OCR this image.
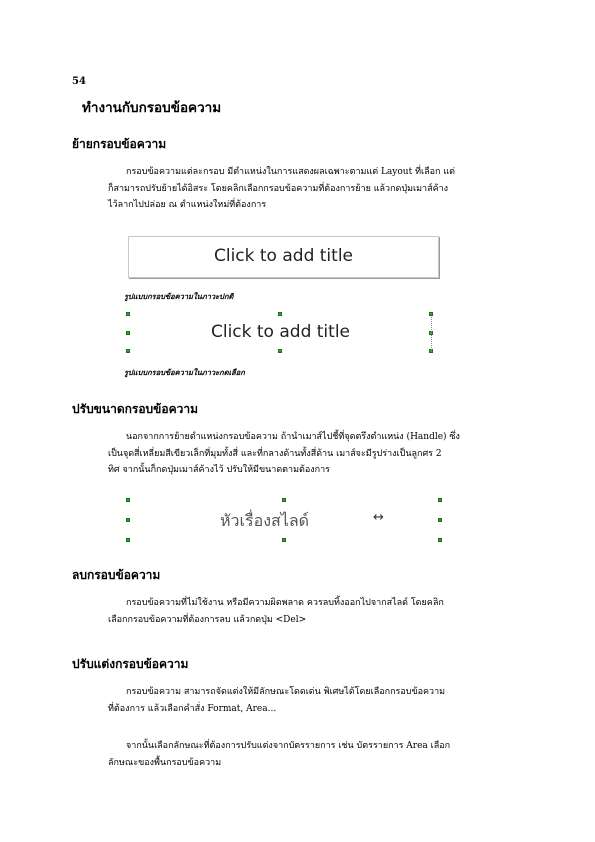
54
ทำงานกับกรอบข้อความ
ย้ายกรอบข้อความ

กรอบข้อความแต่ละกรอบ มีตำแหน่งในการแสดงผลเฉพาะตามแต่ Layout ที่เลือก แต่

ก็สามารถปรับย้ายได้อิสระ โดยคลิกเลือกกรอบข้อความที่ต้องการย้าย แล้วกดปุ่มเมาส์ค้าง
ไว้ลากไปปล่อย ณ ตำแหน่งใหม่ที่ต้องการ
Click to add title
รูปแบบกรอบข้อความในภาวะปกติ
Click to add title
รูปแบบกรอบข้อความในภาวะกดเลือก
ปรับขนาดกรอบข้อความ

นอกจากการย้ายตำแหน่งกรอบข้อความ ถ้านำเมาส์ไปชี้ที่จุดตรึงตำแหน่ง (Handle) ซึ่ง

เป็นจุดสี่เหลี่ยมสีเขียวเล็กที่มุมทั้งสี่ และที่กลางด้านทั้งสี่ด้าน เมาส์จะมีรูปร่างเป็นลูกศร 2
ทิศ จากนั้นก็กดปุ่มเมาส์ค้างไว้ ปรับให้มีขนาดตามต้องการ
หัวเรื่องสไลด์	↔
ลบกรอบข้อความ

กรอบข้อความที่ไม่ใช้งาน หรือมีความผิดพลาด ควรลบทิ้งออกไปจากสไลด์ โดยคลิก

เลือกกรอบข้อความที่ต้องการลบ แล้วกดปุ่ม <Del>
ปรับแต่งกรอบข้อความ

กรอบข้อความ สามารถจัดแต่งให้มีลักษณะโดดเด่น พิเศษได้โดยเลือกกรอบข้อความ

ที่ต้องการ แล้วเลือกคำสั่ง Format, Area...

จากนั้นเลือกลักษณะที่ต้องการปรับแต่งจากบัตรรายการ เช่น บัตรรายการ Area เลือก

ลักษณะของพื้นกรอบข้อความ
